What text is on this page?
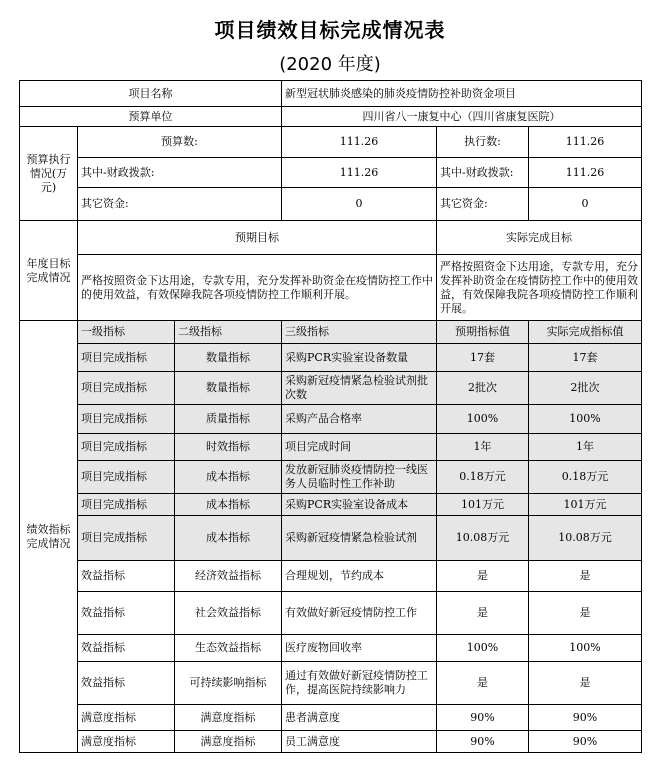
项目绩效目标完成情况表
(2020 年度)
项目名称			新型冠状肺炎感染的肺炎疫情防控补助资金项目		
预算单位			四川省八一康复中心（四川省康复医院）		
预算执行情况(万元)	预算数:		111.26	执行数:	111.26
	其中-财政拨款:		111.26	其中-财政拨款:	111.26
	其它资金:		0	其它资金:	0
年度目标完成情况	预期目标			实际完成目标	
	严格按照资金下达用途，专款专用，充分发挥补助资金在疫情防控工作中的使用效益，有效保障我院各项疫情防控工作顺利开展。			严格按照资金下达用途，专款专用，充分发挥补助资金在疫情防控工作中的使用效益，有效保障我院各项疫情防控工作顺利开展。	
绩效指标完成情况	一级指标	二级指标	三级指标	预期指标值	实际完成指标值
	项目完成指标	数量指标	采购PCR实验室设备数量	17套	17套
	项目完成指标	数量指标	采购新冠疫情紧急检验试剂批次数	2批次	2批次
	项目完成指标	质量指标	采购产品合格率	100%	100%
	项目完成指标	时效指标	项目完成时间	1年	1年
	项目完成指标	成本指标	发放新冠肺炎疫情防控一线医务人员临时性工作补助	0.18万元	0.18万元
	项目完成指标	成本指标	采购PCR实验室设备成本	101万元	101万元
	项目完成指标	成本指标	采购新冠疫情紧急检验试剂	10.08万元	10.08万元
	效益指标	经济效益指标	合理规划，节约成本	是	是
	效益指标	社会效益指标	有效做好新冠疫情防控工作	是	是
	效益指标	生态效益指标	医疗废物回收率	100%	100%
	效益指标	可持续影响指标	通过有效做好新冠疫情防控工作，提高医院持续影响力	是	是
	满意度指标	满意度指标	患者满意度	90%	90%
	满意度指标	满意度指标	员工满意度	90%	90%
